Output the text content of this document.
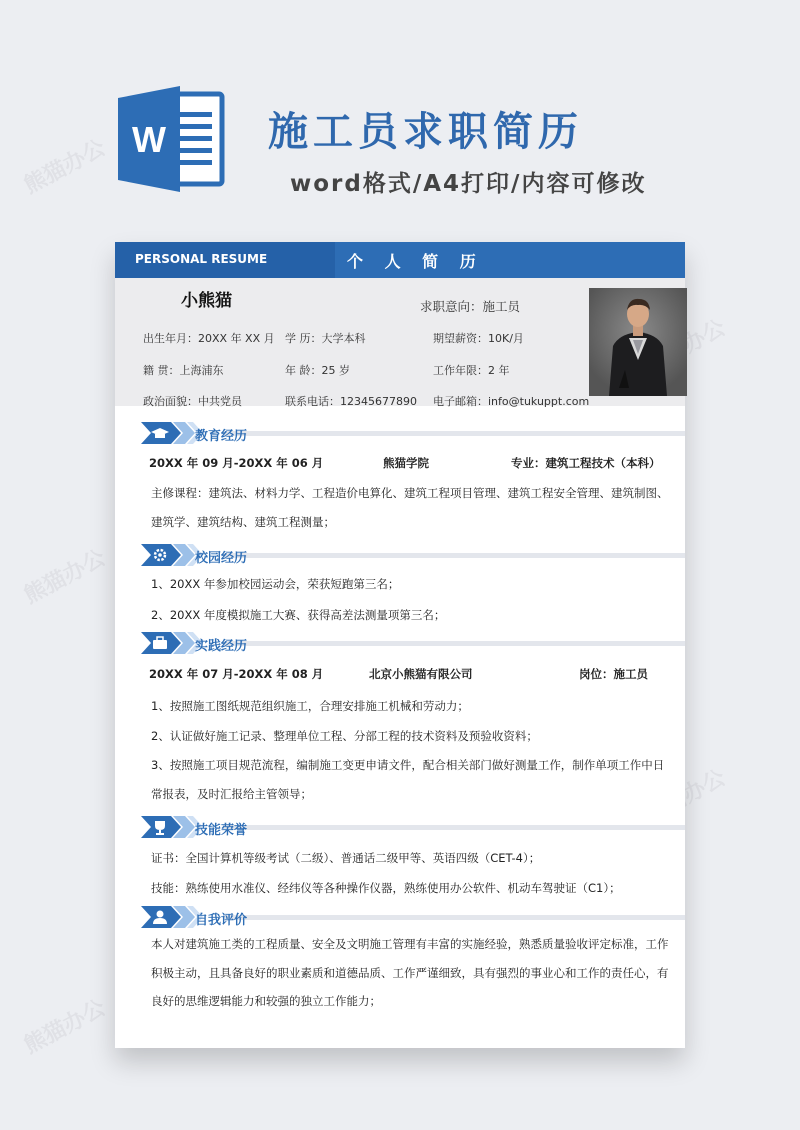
熊猫办公
熊猫办公
熊猫办公
W	施工员求职简历
word格式/A4打印/内容可修改
PERSONAL RESUME	个 人 简 历
小熊猫	求职意向：施工员
出生年月：20XX 年 XX 月 学 历：大学本科	期望薪资：10K/月
籍 贯：上海浦东	年 龄：25 岁	工作年限：2 年
政治面貌：中共党员	联系电话：12345677890 电子邮箱：info@tukuppt.com
教育经历
20XX 年 09 月-20XX 年 06 月	熊猫学院	专业：建筑工程技术（本科）
主修课程：建筑法、材料力学、工程造价电算化、建筑工程项目管理、建筑工程安全管理、建筑制图、建筑学、建筑结构、建筑工程测量；
校园经历
1、20XX 年参加校园运动会，荣获短跑第三名；
2、20XX 年度模拟施工大赛、获得高差法测量项第三名；
实践经历
20XX 年 07 月-20XX 年 08 月	北京小熊猫有限公司	岗位：施工员
1、按照施工图纸规范组织施工，合理安排施工机械和劳动力；
2、认证做好施工记录、整理单位工程、分部工程的技术资料及预验收资料；
3、按照施工项目规范流程，编制施工变更申请文件，配合相关部门做好测量工作，制作单项工作中日常报表，及时汇报给主管领导；
技能荣誉
证书：全国计算机等级考试（二级）、普通话二级甲等、英语四级（CET-4）；
技能：熟练使用水准仪、经纬仪等各种操作仪器，熟练使用办公软件、机动车驾驶证（C1）；
自我评价
本人对建筑施工类的工程质量、安全及文明施工管理有丰富的实施经验，熟悉质量验收评定标准，工作积极主动，且具备良好的职业素质和道德品质、工作严谨细致，具有强烈的事业心和工作的责任心，有良好的思维逻辑能力和较强的独立工作能力；
